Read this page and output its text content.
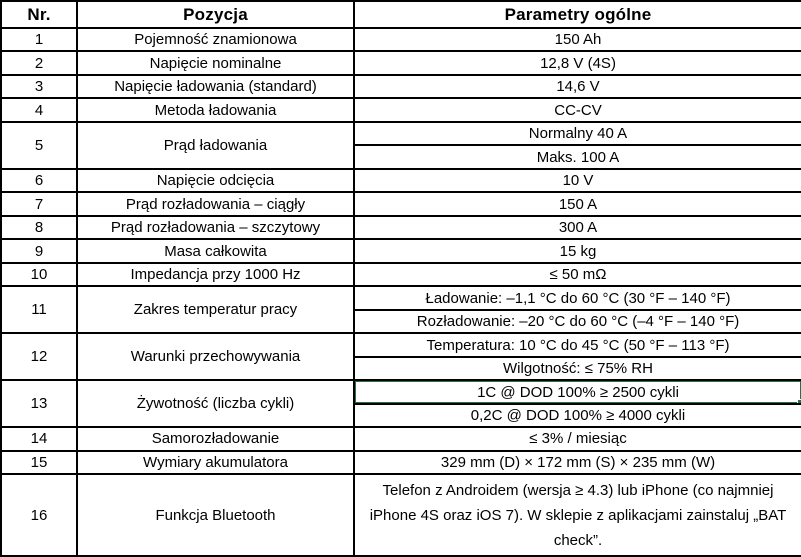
Nr.	Pozycja	Parametry ogólne
1	Pojemność znamionowa	150 Ah
2	Napięcie nominalne	12,8 V (4S)
3	Napięcie ładowania (standard)	14,6 V
4	Metoda ładowania	CC-CV
5	Prąd ładowania	Normalny 40 A
		Maks. 100 A
6	Napięcie odcięcia	10 V
7	Prąd rozładowania – ciągły	150 A
8	Prąd rozładowania – szczytowy	300 A
9	Masa całkowita	15 kg
10	Impedancja przy 1000 Hz	≤ 50 mΩ
11	Zakres temperatur pracy	Ładowanie: –1,1 °C do 60 °C (30 °F – 140 °F)
		Rozładowanie: –20 °C do 60 °C (–4 °F – 140 °F)
12	Warunki przechowywania	Temperatura: 10 °C do 45 °C (50 °F – 113 °F)
		Wilgotność: ≤ 75% RH
13	Żywotność (liczba cykli)	1C @ DOD 100% ≥ 2500 cykli

		0,2C @ DOD 100% ≥ 4000 cykli
14	Samorozładowanie	≤ 3% / miesiąc
15	Wymiary akumulatora	329 mm (D) × 172 mm (S) × 235 mm (W)
16	Funkcja Bluetooth	Telefon z Androidem (wersja ≥ 4.3) lub iPhone (co najmniej iPhone 4S oraz iOS 7). W sklepie z aplikacjami zainstaluj „BAT check”.
